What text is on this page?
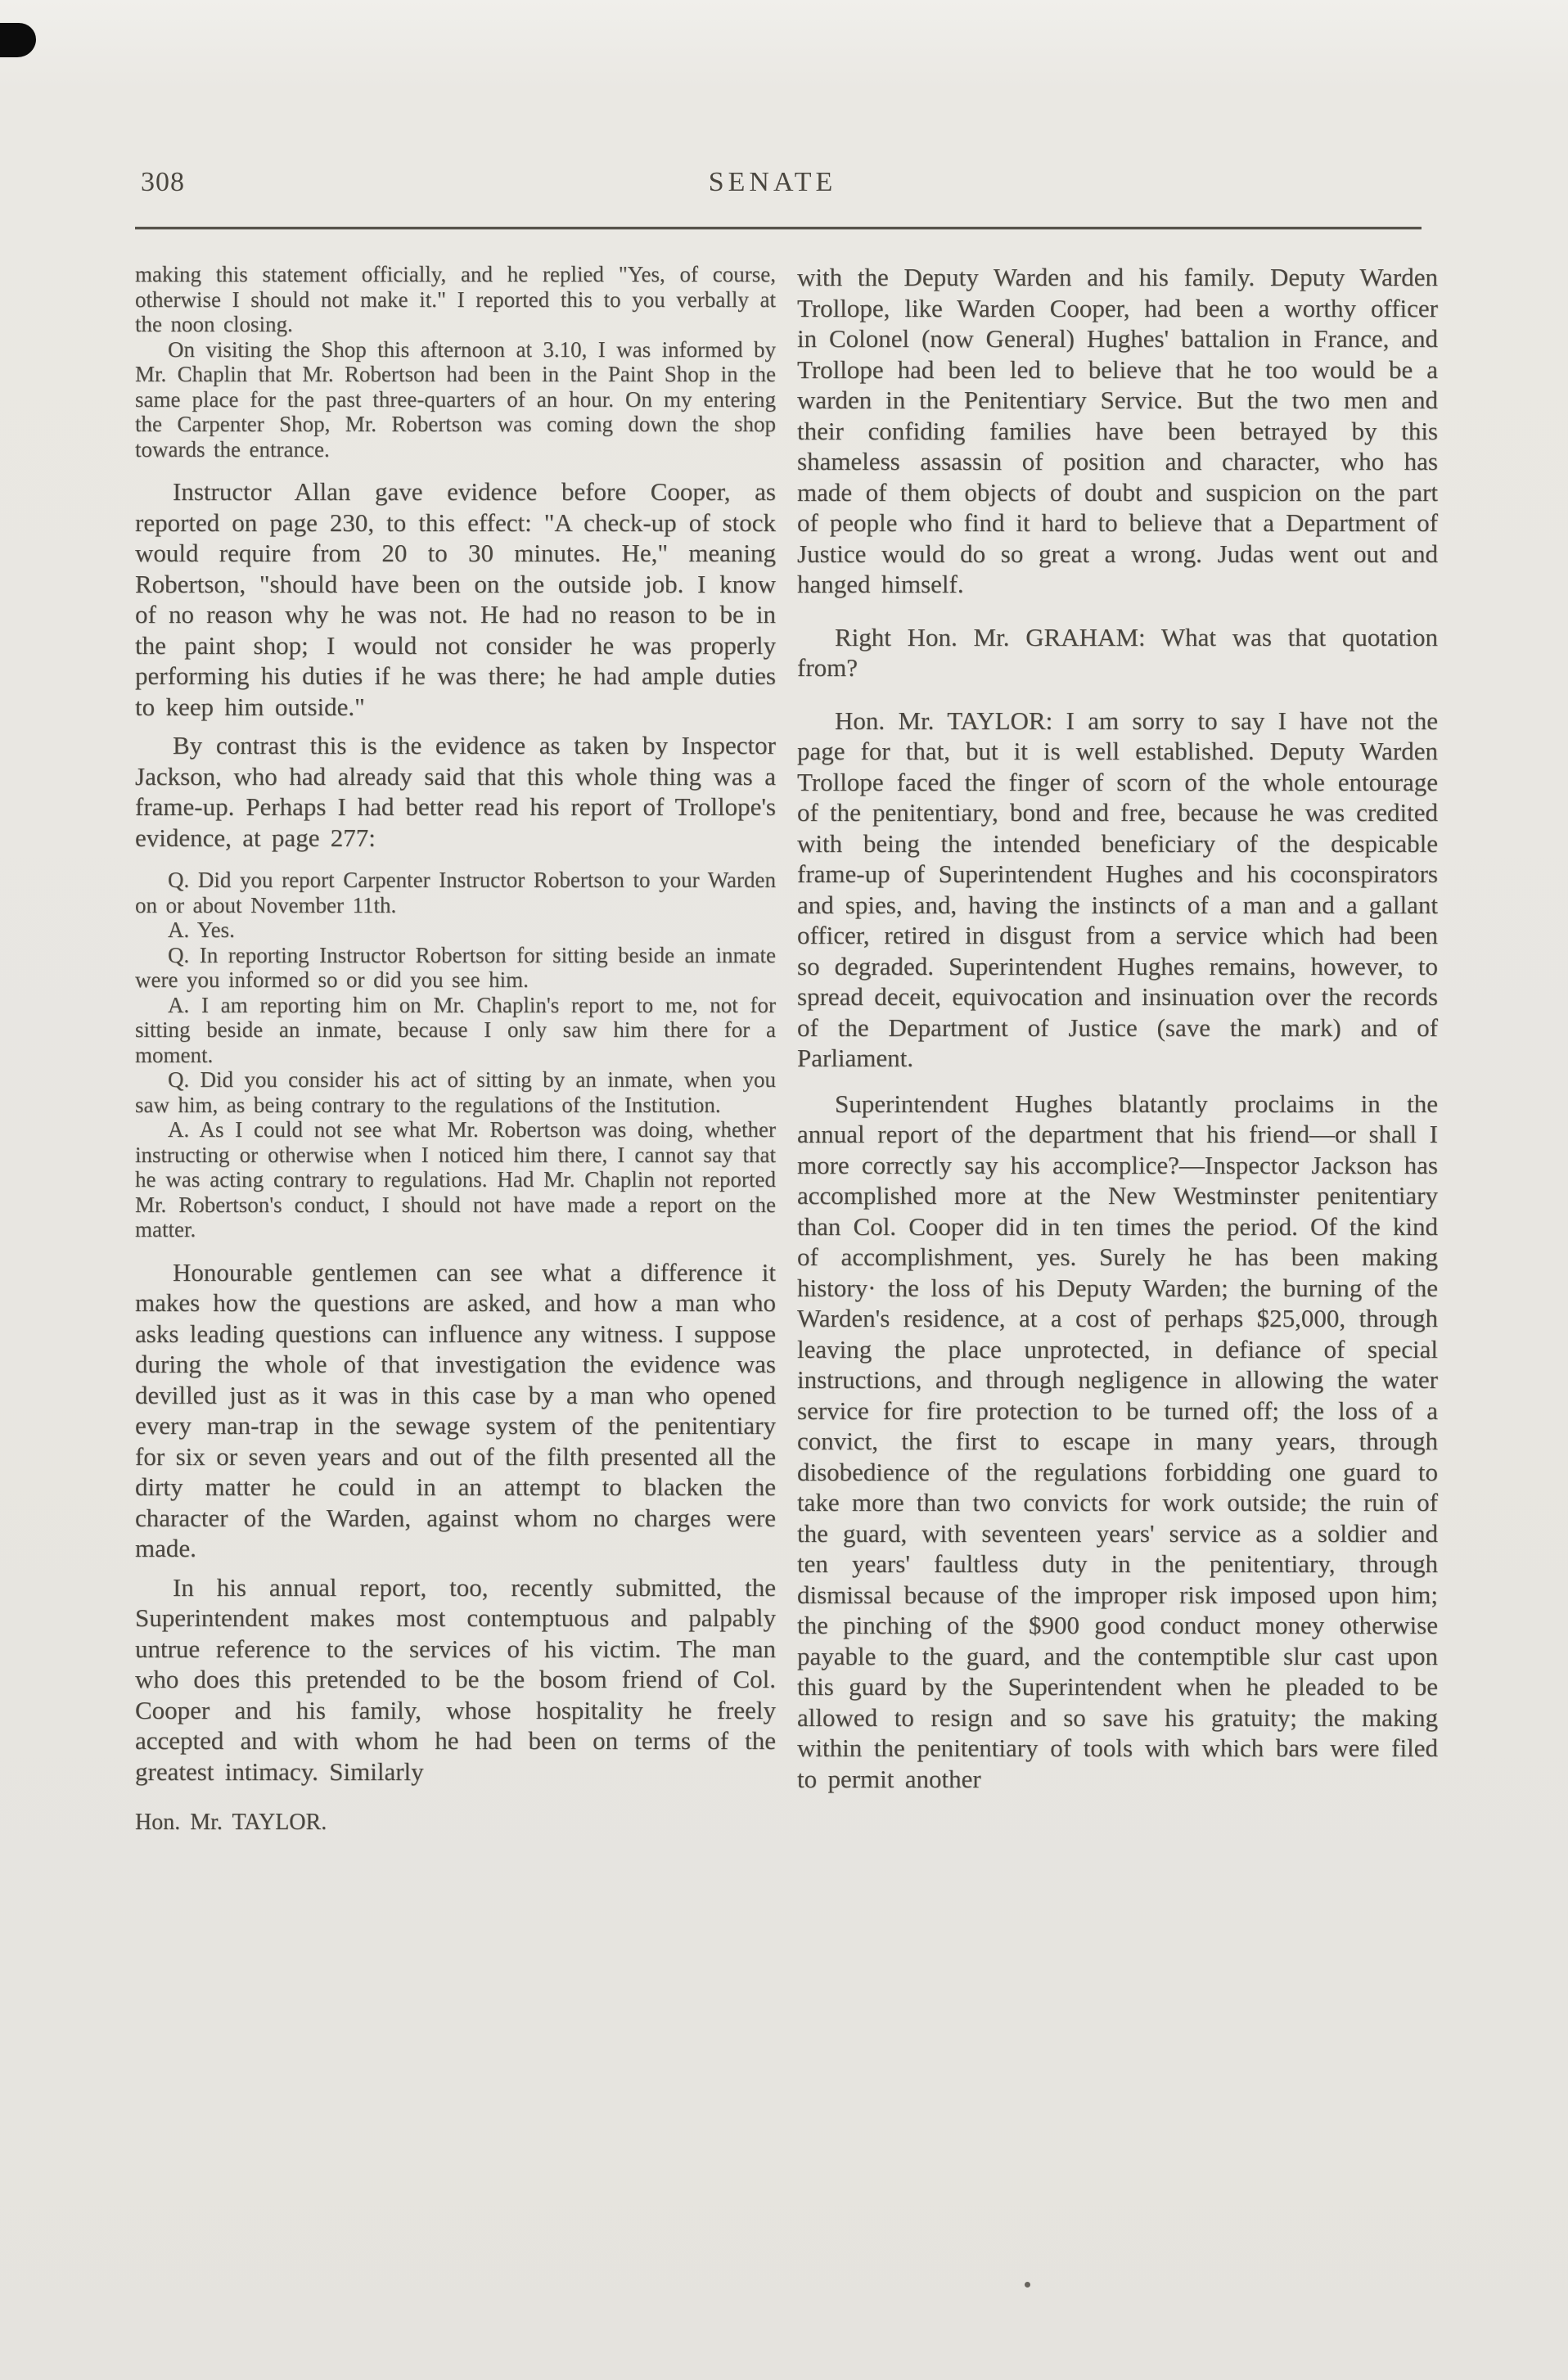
308	SENATE

making this statement officially, and he replied "Yes, of course, otherwise I should not make it." I reported this to you verbally at the noon closing.

On visiting the Shop this afternoon at 3.10, I was informed by Mr. Chaplin that Mr. Robertson had been in the Paint Shop in the same place for the past three-quarters of an hour. On my entering the Carpenter Shop, Mr. Robertson was coming down the shop towards the entrance.

Instructor Allan gave evidence before Cooper, as reported on page 230, to this effect: "A check-up of stock would require from 20 to 30 minutes. He," meaning Robertson, "should have been on the outside job. I know of no reason why he was not. He had no reason to be in the paint shop; I would not consider he was properly performing his duties if he was there; he had ample duties to keep him outside."

By contrast this is the evidence as taken by Inspector Jackson, who had already said that this whole thing was a frame-up. Perhaps I had better read his report of Trollope's evidence, at page 277:

Q. Did you report Carpenter Instructor Robertson to your Warden on or about November 11th.

A. Yes.

Q. In reporting Instructor Robertson for sitting beside an inmate were you informed so or did you see him.

A. I am reporting him on Mr. Chaplin's report to me, not for sitting beside an inmate, because I only saw him there for a moment.

Q. Did you consider his act of sitting by an inmate, when you saw him, as being contrary to the regulations of the Institution.

A. As I could not see what Mr. Robertson was doing, whether instructing or otherwise when I noticed him there, I cannot say that he was acting contrary to regulations. Had Mr. Chaplin not reported Mr. Robertson's conduct, I should not have made a report on the matter.

Honourable gentlemen can see what a difference it makes how the questions are asked, and how a man who asks leading questions can influence any witness. I suppose during the whole of that investigation the evidence was devilled just as it was in this case by a man who opened every man-trap in the sewage system of the penitentiary for six or seven years and out of the filth presented all the dirty matter he could in an attempt to blacken the character of the Warden, against whom no charges were made.

In his annual report, too, recently submitted, the Superintendent makes most contemptuous and palpably untrue reference to the services of his victim. The man who does this pretended to be the bosom friend of Col. Cooper and his family, whose hospitality he freely accepted and with whom he had been on terms of the greatest intimacy. Similarly

Hon. Mr. TAYLOR.

with the Deputy Warden and his family. Deputy Warden Trollope, like Warden Cooper, had been a worthy officer in Colonel (now General) Hughes' battalion in France, and Trollope had been led to believe that he too would be a warden in the Penitentiary Service. But the two men and their confiding families have been betrayed by this shameless assassin of position and character, who has made of them objects of doubt and suspicion on the part of people who find it hard to believe that a Department of Justice would do so great a wrong. Judas went out and hanged himself.

Right Hon. Mr. GRAHAM: What was that quotation from?

Hon. Mr. TAYLOR: I am sorry to say I have not the page for that, but it is well established. Deputy Warden Trollope faced the finger of scorn of the whole entourage of the penitentiary, bond and free, because he was credited with being the intended beneficiary of the despicable frame-up of Superintendent Hughes and his coconspirators and spies, and, having the instincts of a man and a gallant officer, retired in disgust from a service which had been so degraded. Superintendent Hughes remains, however, to spread deceit, equivocation and insinuation over the records of the Department of Justice (save the mark) and of Parliament.

Superintendent Hughes blatantly proclaims in the annual report of the department that his friend—or shall I more correctly say his accomplice?—Inspector Jackson has accomplished more at the New Westminster penitentiary than Col. Cooper did in ten times the period. Of the kind of accomplishment, yes. Surely he has been making history· the loss of his Deputy Warden; the burning of the Warden's residence, at a cost of perhaps $25,000, through leaving the place unprotected, in defiance of special instructions, and through negligence in allowing the water service for fire protection to be turned off; the loss of a convict, the first to escape in many years, through disobedience of the regulations forbidding one guard to take more than two convicts for work outside; the ruin of the guard, with seventeen years' service as a soldier and ten years' faultless duty in the penitentiary, through dismissal because of the improper risk imposed upon him; the pinching of the $900 good conduct money otherwise payable to the guard, and the contemptible slur cast upon this guard by the Superintendent when he pleaded to be allowed to resign and so save his gratuity; the making within the penitentiary of tools with which bars were filed to permit another
